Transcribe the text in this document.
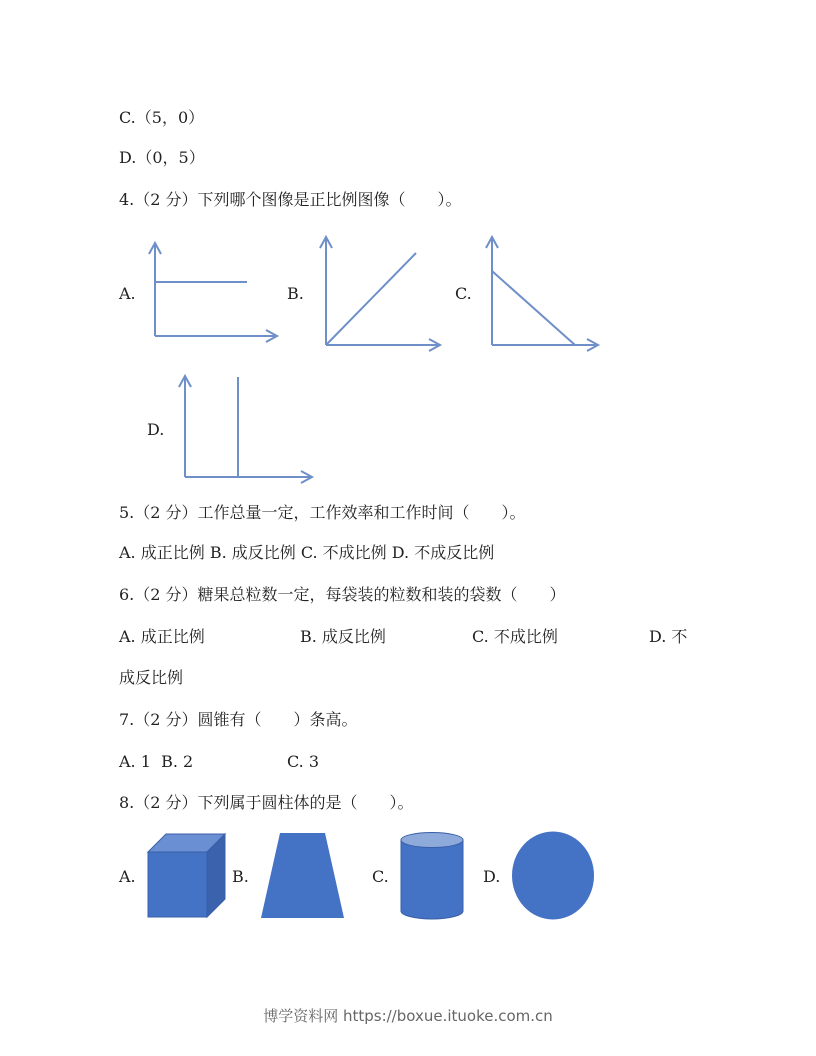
C.（5，0）
D.（0，5）
4.（2 分）下列哪个图像是正比例图像（　　）。
A.	B.	C.
D.
5.（2 分）工作总量一定，工作效率和工作时间（　　）。
A. 成正比例 B. 成反比例 C. 不成比例 D. 不成反比例
6.（2 分）糖果总粒数一定，每袋装的粒数和装的袋数（　　）
A. 成正比例	B. 成反比例	C. 不成比例	D. 不
成反比例
7.（2 分）圆锥有（　　）条高。
A. 1  B. 2	C. 3
8.（2 分）下列属于圆柱体的是（　　）。
A.	B.	C.	D.
博学资料网 https://boxue.ituoke.com.cn
